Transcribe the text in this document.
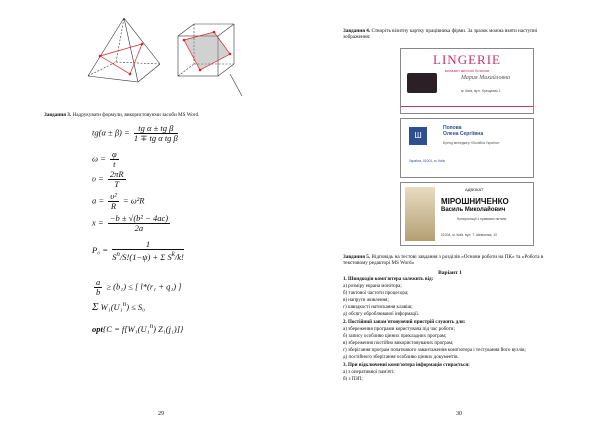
Завдання 3. Надрукувати формули, використовуючи засоби MS Word.
$tg(\alpha \pm \beta) = \frac{\text{tg α ± tg β}}{\text{1 ∓ tg α tg β}}$
$\omega = \frac{\varphi}{t}$
$\upsilon = \frac{2\pi R}{T}$
$a = \frac{\text{υ²}}{R} = \omega^2R$
$x = \frac{\text{−b ± √(b² − 4ac)}}{2a}$
$P_0 = \frac{1}{S^n/S!(1-\psi) + \Sigma S^k/k!}$
$\frac{a}{b} \ge (b_1)$ ≤ [ l*(r₁ + q₁) ]
Σ W₁(U₁$^n$) ≤ S₀
opt{C = f[W₁(U₁$^n$) Z₁(j₁)]}
29
Завдання 4. Створіть візитну картку працівника фірми. За зразок можна взяти наступні зображення:
LINGERIE
магазин жіночої білизни
Мария Михайловна
м. Київ, вул. Хрещатик 1
Ш
Попова
Олена Сергіївна
Бренд менеджер «Волійна Україна»
Україна, 01001, м. Київ
АДВОКАТ
МІРОШНИЧЕНКО
Василь Миколайович
Консультації з правових питань
01004, м. Київ, вул. Т. Шевченка, 10
Завдання 5. Відповідь на тестові завдання з розділів «Основи роботи на ПК» та «Робота в текстовому редакторі MS Word»
Варіант 1
1. Швидкодія комп'ютера залежить від:
а) розміру екрана монітора;
б) тактової частоти процесора;
в) напруги живлення;
г) швидкості натискання клавіш;
д) обсягу оброблюваної інформації.
2. Постійний запам'ятовуючий пристрій служить для:
а) збереження програми користувача під час роботи;
б) запису особливо цінних прикладних програм;
в) збереження постійно використовуваних програм;
г) зберігання програм початкового завантаження комп'ютера і тестування його вузлів;
д) постійного зберігання особливо цінних документів.
3. При відключенні комп'ютера інформація стирається:
а) з оперативної пам'яті;
б) з ПЗП;
30
